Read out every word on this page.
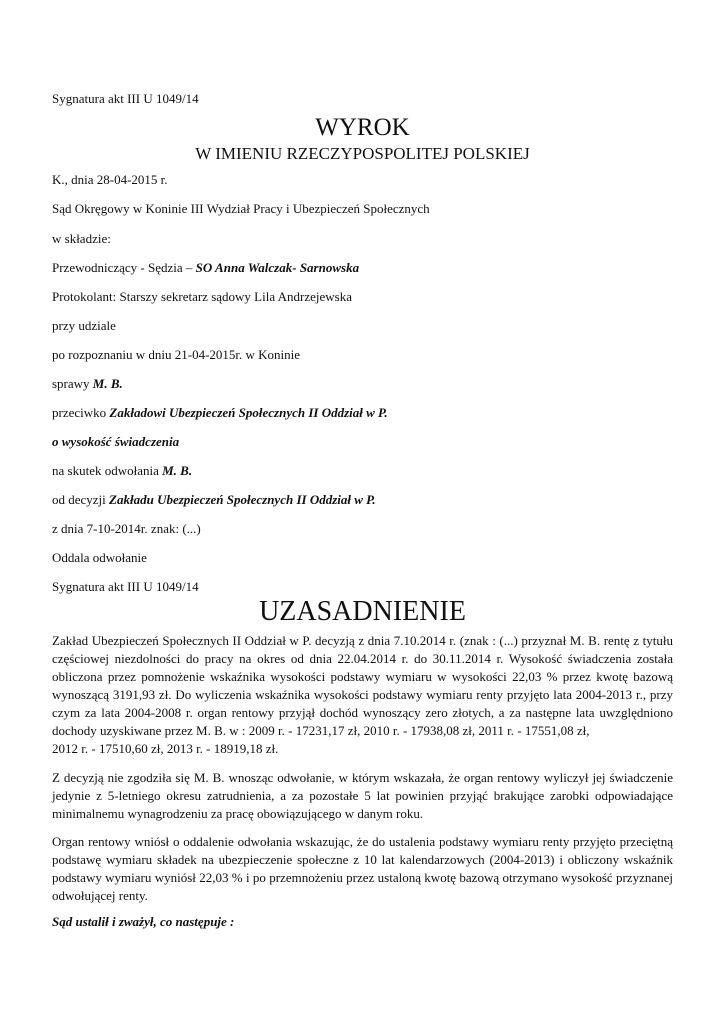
Sygnatura akt III U 1049/14
WYROK
W IMIENIU RZECZYPOSPOLITEJ POLSKIEJ
K., dnia 28-04-2015 r.
Sąd Okręgowy w Koninie III Wydział Pracy i Ubezpieczeń Społecznych
w składzie:
Przewodniczący - Sędzia – SO Anna Walczak- Sarnowska
Protokolant: Starszy sekretarz sądowy Lila Andrzejewska
przy udziale
po rozpoznaniu w dniu 21-04-2015r. w Koninie
sprawy M. B.
przeciwko Zakładowi Ubezpieczeń Społecznych II Oddział w P.
o wysokość świadczenia
na skutek odwołania M. B.
od decyzji Zakładu Ubezpieczeń Społecznych II Oddział w P.
z dnia 7-10-2014r. znak: (...)
Oddala odwołanie
Sygnatura akt III U 1049/14
UZASADNIENIE
Zakład Ubezpieczeń Społecznych II Oddział w P. decyzją z dnia 7.10.2014 r. (znak : (...) przyznał M. B. rentę z tytułu
częściowej niezdolności do pracy na okres od dnia 22.04.2014 r. do 30.11.2014 r. Wysokość świadczenia została
obliczona przez pomnożenie wskaźnika wysokości podstawy wymiaru w wysokości 22,03 % przez kwotę bazową
wynoszącą 3191,93 zł. Do wyliczenia wskaźnika wysokości podstawy wymiaru renty przyjęto lata 2004-2013 r., przy
czym za lata 2004-2008 r. organ rentowy przyjął dochód wynoszący zero złotych, a za następne lata uwzględniono
dochody uzyskiwane przez M. B. w : 2009 r. - 17231,17 zł, 2010 r. - 17938,08 zł, 2011 r. - 17551,08 zł,
2012 r. - 17510,60 zł, 2013 r. - 18919,18 zł.
Z decyzją nie zgodziła się M. B. wnosząc odwołanie, w którym wskazała, że organ rentowy wyliczył jej świadczenie
jedynie z 5-letniego okresu zatrudnienia, a za pozostałe 5 lat powinien przyjąć brakujące zarobki odpowiadające
minimalnemu wynagrodzeniu za pracę obowiązującego w danym roku.
Organ rentowy wniósł o oddalenie odwołania wskazując, że do ustalenia podstawy wymiaru renty przyjęto przeciętną
podstawę wymiaru składek na ubezpieczenie społeczne z 10 lat kalendarzowych (2004-2013) i obliczony wskaźnik
podstawy wymiaru wyniósł 22,03 % i po przemnożeniu przez ustaloną kwotę bazową otrzymano wysokość przyznanej
odwołującej renty.
Sąd ustalił i zważył, co następuje :
